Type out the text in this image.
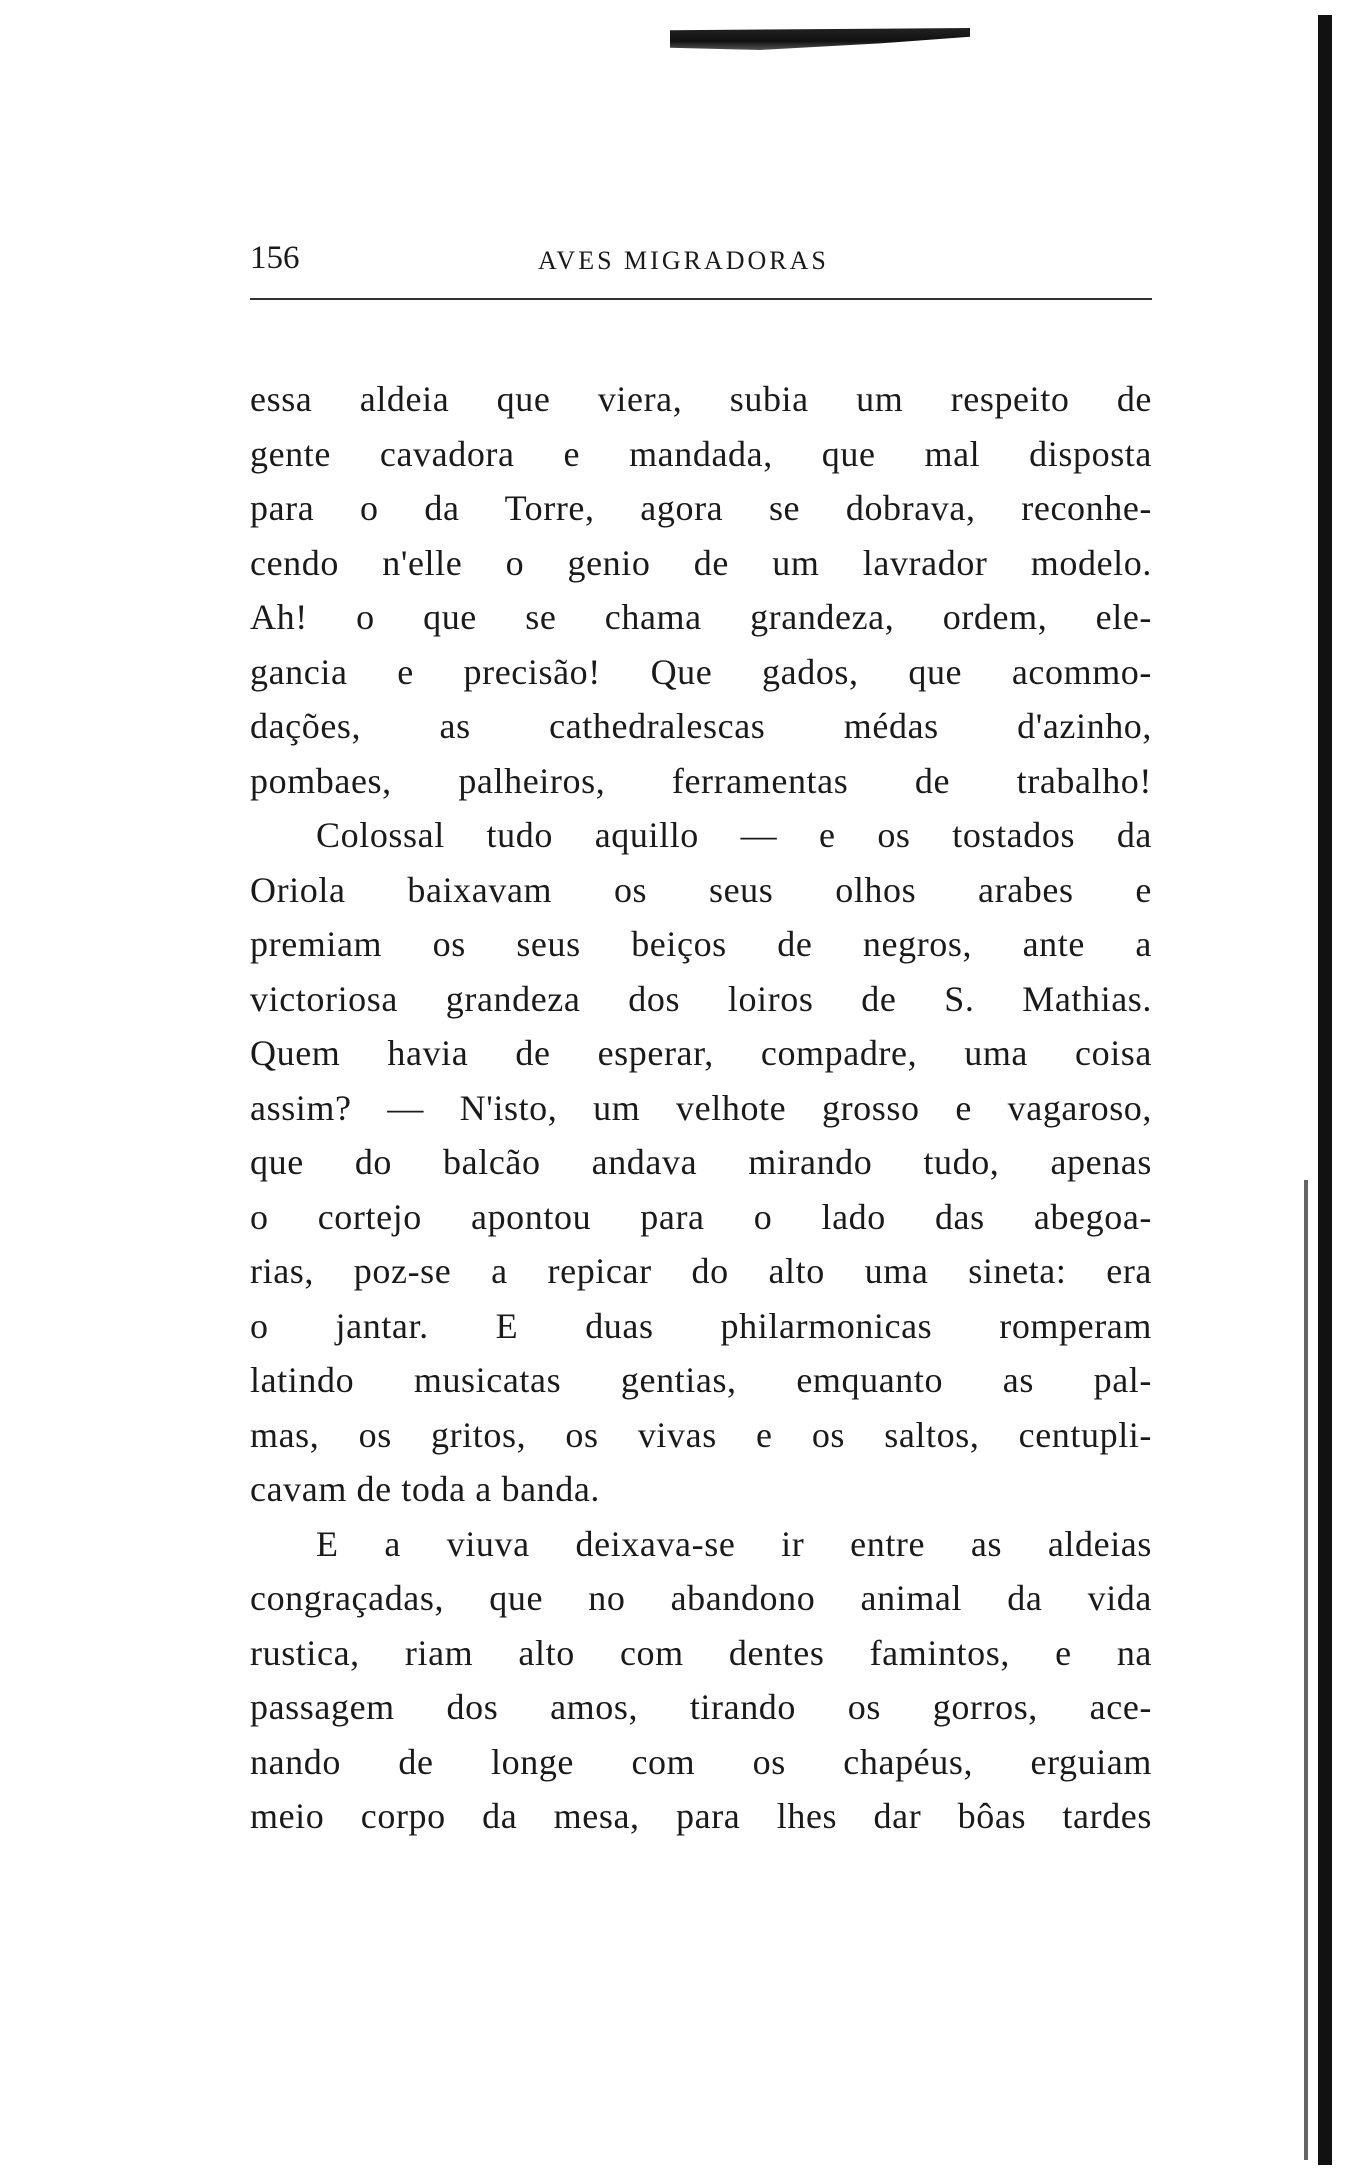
156	AVES MIGRADORAS
essa aldeia que viera, subia um respeito de
gente cavadora e mandada, que mal disposta
para o da Torre, agora se dobrava, reconhe-
cendo n'elle o genio de um lavrador modelo.
Ah! o que se chama grandeza, ordem, ele-
gancia e precisão! Que gados, que acommo-
dações, as cathedralescas médas d'azinho,
pombaes, palheiros, ferramentas de trabalho!
Colossal tudo aquillo — e os tostados da
Oriola baixavam os seus olhos arabes e
premiam os seus beiços de negros, ante a
victoriosa grandeza dos loiros de S. Mathias.
Quem havia de esperar, compadre, uma coisa
assim? — N'isto, um velhote grosso e vagaroso,
que do balcão andava mirando tudo, apenas
o cortejo apontou para o lado das abegoa-
rias, poz-se a repicar do alto uma sineta: era
o jantar. E duas philarmonicas romperam
latindo musicatas gentias, emquanto as pal-
mas, os gritos, os vivas e os saltos, centupli-
cavam de toda a banda.
E a viuva deixava-se ir entre as aldeias
congraçadas, que no abandono animal da vida
rustica, riam alto com dentes famintos, e na
passagem dos amos, tirando os gorros, ace-
nando de longe com os chapéus, erguiam
meio corpo da mesa, para lhes dar bôas tardes
